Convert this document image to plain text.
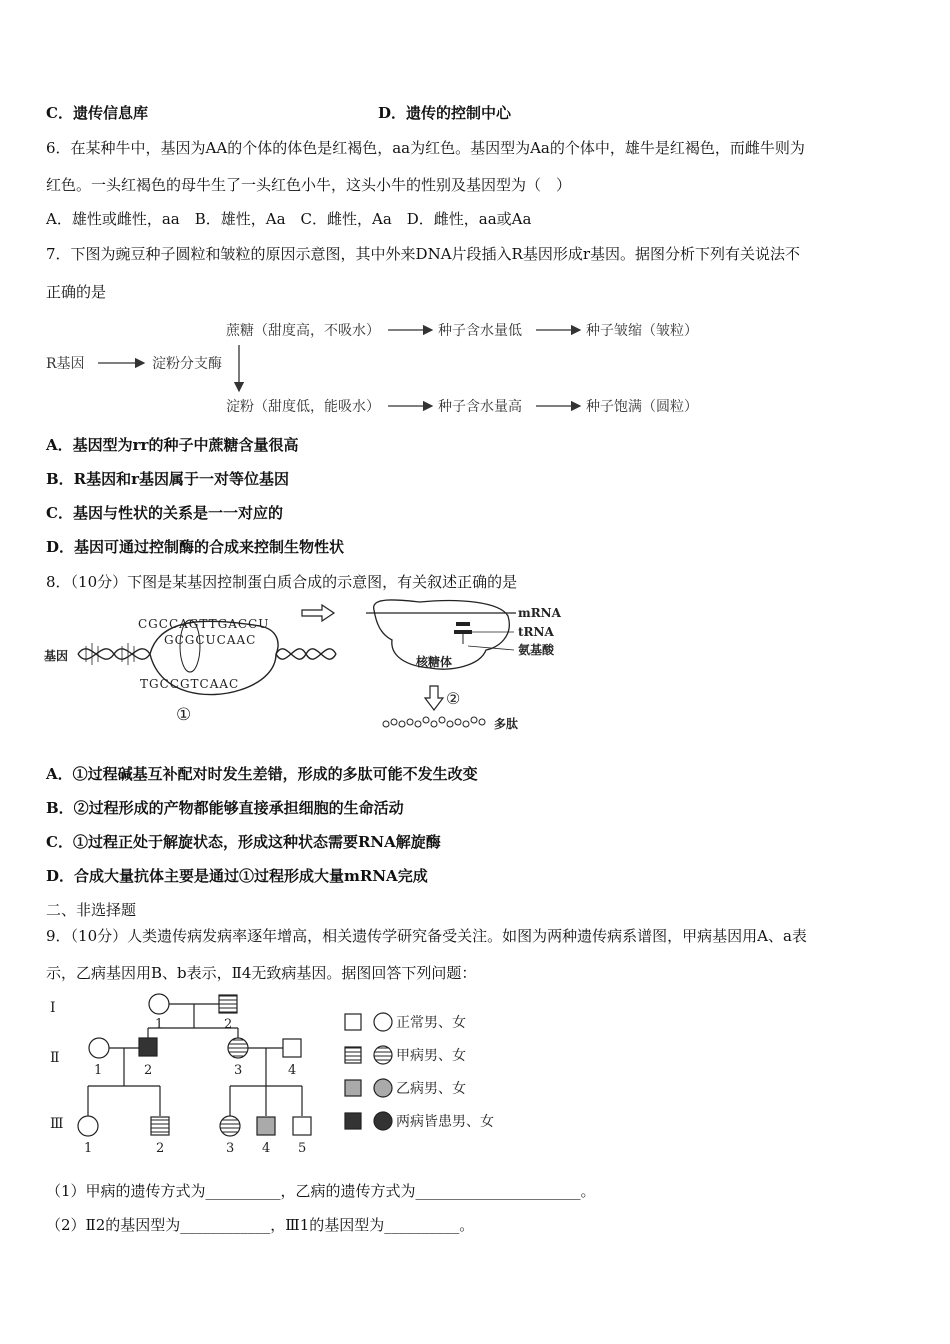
C．遗传信息库	D．遗传的控制中心
6．在某种牛中，基因为AA的个体的体色是红褐色，aa为红色。基因型为Aa的个体中，雄牛是红褐色，而雌牛则为
红色。一头红褐色的母牛生了一头红色小牛，这头小牛的性别及基因型为（　）
A．雄性或雌性，aa　B．雄性，Aa　C．雌性，Aa　D．雌性，aa或Aa
7．下图为豌豆种子圆粒和皱粒的原因示意图，其中外来DNA片段插入R基因形成r基因。据图分析下列有关说法不
正确的是
R基因	淀粉分支酶
蔗糖（甜度高，不吸水）	种子含水量低	种子皱缩（皱粒）
淀粉（甜度低，能吸水）	种子含水量高	种子饱满（圆粒）
A．基因型为rr的种子中蔗糖含量很高
B．R基因和r基因属于一对等位基因
C．基因与性状的关系是一一对应的
D．基因可通过控制酶的合成来控制生物性状
8．（10分）下图是某基因控制蛋白质合成的示意图，有关叙述正确的是
基因
CGCCAGTTGACCU
GCGCUCAAC
TGCCGTCAAC
①
mRNA
tRNA
氨基酸
核糖体
②
多肽
A．①过程碱基互补配对时发生差错，形成的多肽可能不发生改变
B．②过程形成的产物都能够直接承担细胞的生命活动
C．①过程正处于解旋状态，形成这种状态需要RNA解旋酶
D．合成大量抗体主要是通过①过程形成大量mRNA完成
二、非选择题
9．（10分）人类遗传病发病率逐年增高，相关遗传学研究备受关注。如图为两种遗传病系谱图，甲病基因用A、a表
示，乙病基因用B、b表示，Ⅱ4无致病基因。据图回答下列问题：
Ⅰ
Ⅱ
Ⅲ
1	2
1	2	3	4
1	2	3 4 5
正常男、女
甲病男、女
乙病男、女
两病皆患男、女
（1）甲病的遗传方式为__________，乙病的遗传方式为______________________。
（2）Ⅱ2的基因型为____________，Ⅲ1的基因型为__________。
